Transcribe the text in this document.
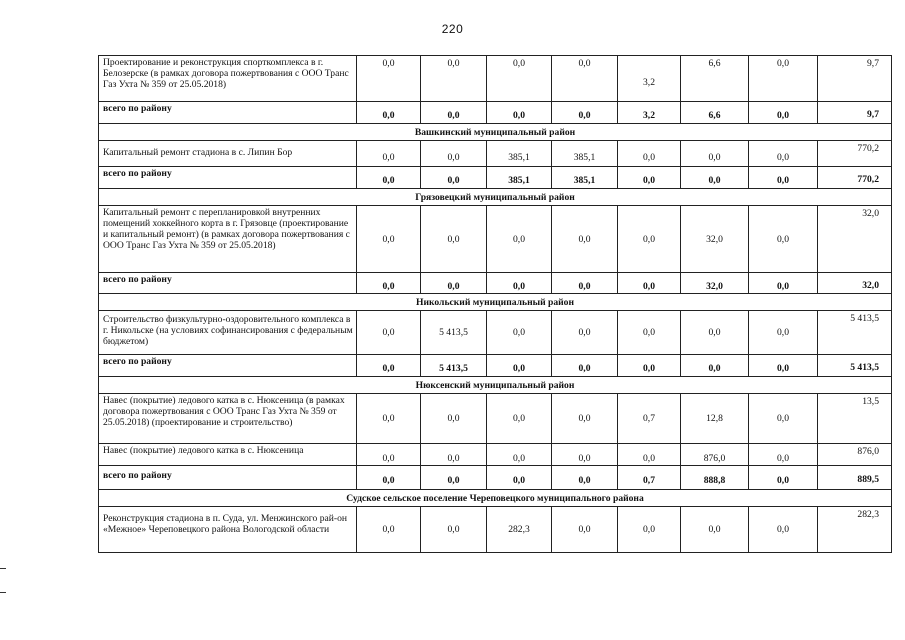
220
Проектирование и реконструкция спорткомплекса в г. Белозерске (в рамках договора пожертвования с ООО Транс Газ Ухта № 359 от 25.05.2018)	0,0	0,0	0,0	0,0	3,2	6,6	0,0	9,7
всего по району	0,0	0,0	0,0	0,0	3,2	6,6	0,0	9,7
Вашкинский муниципальный район								
Капитальный ремонт стадиона в с. Липин Бор	0,0	0,0	385,1	385,1	0,0	0,0	0,0	770,2
всего по району	0,0	0,0	385,1	385,1	0,0	0,0	0,0	770,2
Грязовецкий муниципальный район								
Капитальный ремонт с перепланировкой внутренних помещений хоккейного корта в г. Грязовце (проектирование и капитальный ремонт) (в рамках договора пожертвования с ООО Транс Газ Ухта № 359 от 25.05.2018)	0,0	0,0	0,0	0,0	0,0	32,0	0,0	32,0
всего по району	0,0	0,0	0,0	0,0	0,0	32,0	0,0	32,0
Никольский муниципальный район								
Строительство физкультурно-оздоровительного комплекса в г. Никольске (на условиях софинансирования с федеральным бюджетом)	0,0	5 413,5	0,0	0,0	0,0	0,0	0,0	5 413,5
всего по району	0,0	5 413,5	0,0	0,0	0,0	0,0	0,0	5 413,5
Нюксенский муниципальный район								
Навес (покрытие) ледового катка в с. Нюксеница (в рамках договора пожертвования с ООО Транс Газ Ухта № 359 от 25.05.2018) (проектирование и строительство)	0,0	0,0	0,0	0,0	0,7	12,8	0,0	13,5
Навес (покрытие) ледового катка в с. Нюксеница	0,0	0,0	0,0	0,0	0,0	876,0	0,0	876,0
всего по району	0,0	0,0	0,0	0,0	0,7	888,8	0,0	889,5
Судское сельское поселение Череповецкого муниципального района								
Реконструкция стадиона в п. Суда, ул. Менжинского рай-он «Межное» Череповецкого района Вологодской области	0,0	0,0	282,3	0,0	0,0	0,0	0,0	282,3
